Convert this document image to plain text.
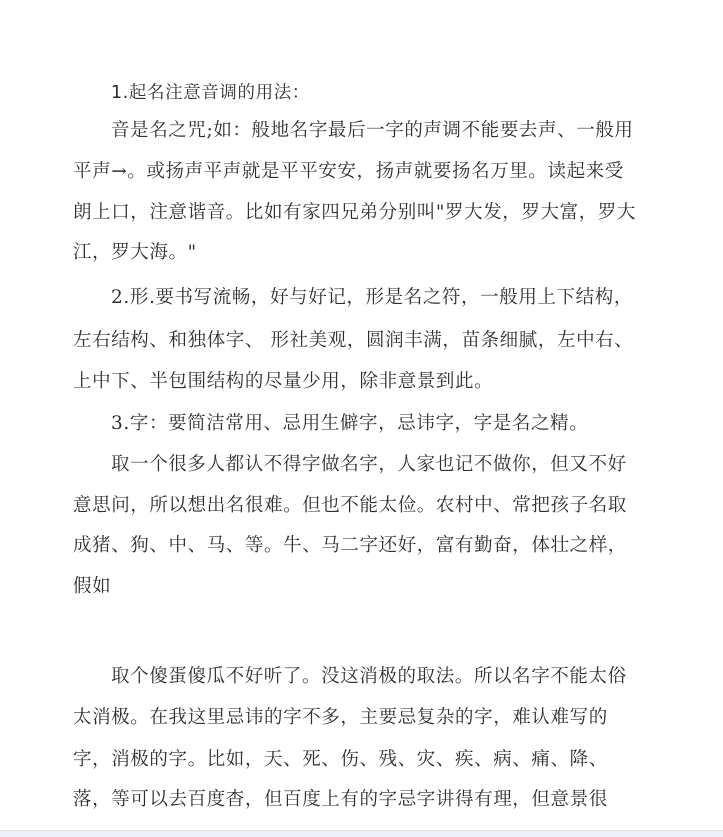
1.起名注意音调的用法：
音是名之咒;如：般地名字最后一字的声调不能要去声、一般用
平声→。或扬声平声就是平平安安，扬声就要扬名万里。读起来受
朗上口，注意谐音。比如有家四兄弟分别叫"罗大发，罗大富，罗大
江，罗大海。"
2.形.要书写流畅，好与好记，形是名之符，一般用上下结构，
左右结构、和独体字、 形社美观，圆润丰满，苗条细腻，左中右、
上中下、半包围结构的尽量少用，除非意景到此。
3.字：要简洁常用、忌用生僻字，忌讳字，字是名之精。
取一个很多人都认不得字做名字，人家也记不做你，但又不好
意思问，所以想出名很难。但也不能太俭。农村中、常把孩子名取
成猪、狗、中、马、等。牛、马二字还好，富有勤奋，体壮之样，
假如
取个傻蛋傻瓜不好听了。没这消极的取法。所以名字不能太俗
太消极。在我这里忌讳的字不多，主要忌复杂的字，难认难写的
字，消极的字。比如，天、死、伤、残、灾、疾、病、痛、降、
落，等可以去百度杳，但百度上有的字忌字讲得有理，但意景很
